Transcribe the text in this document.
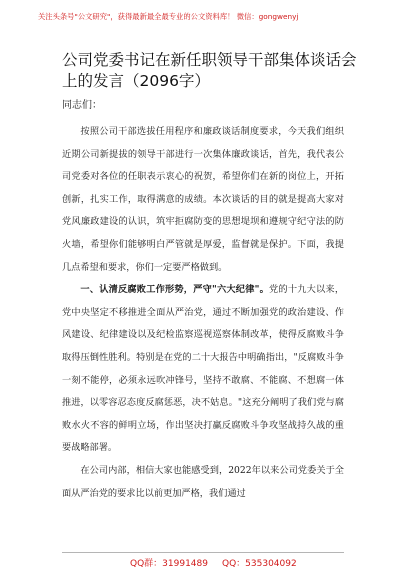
关注头条号"公文研究"，获得最新最全最专业的公文资料库！ 微信：gongwenyj
公司党委书记在新任职领导干部集体谈话会上的发言（2096字）
同志们：

按照公司干部选拔任用程序和廉政谈话制度要求，今天我们组织近期公司新提拔的领导干部进行一次集体廉政谈话，首先，我代表公司党委对各位的任职表示衷心的祝贺，希望你们在新的岗位上，开拓创新，扎实工作，取得满意的成绩。本次谈话的目的就是提高大家对党风廉政建设的认识，筑牢拒腐防变的思想堤坝和遵规守纪守法的防火墙，希望你们能够明白严管就是厚爱，监督就是保护。下面，我提几点希望和要求，你们一定要严格做到。

一、认清反腐败工作形势，严守"六大纪律"。党的十九大以来，党中央坚定不移推进全面从严治党，通过不断加强党的政治建设、作风建设、纪律建设以及纪检监察巡视巡察体制改革，使得反腐败斗争取得压倒性胜利。特别是在党的二十大报告中明确指出，"反腐败斗争一刻不能停，必须永远吹冲锋号，坚持不敢腐、不能腐、不想腐一体推进，以零容忍态度反腐惩恶，决不姑息。"这充分阐明了我们党与腐败水火不容的鲜明立场，作出坚决打赢反腐败斗争攻坚战持久战的重要战略部署。

在公司内部，相信大家也能感受到，2022年以来公司党委关于全面从严治党的要求比以前更加严格，我们通过

QQ群：31991489 QQ：535304092
